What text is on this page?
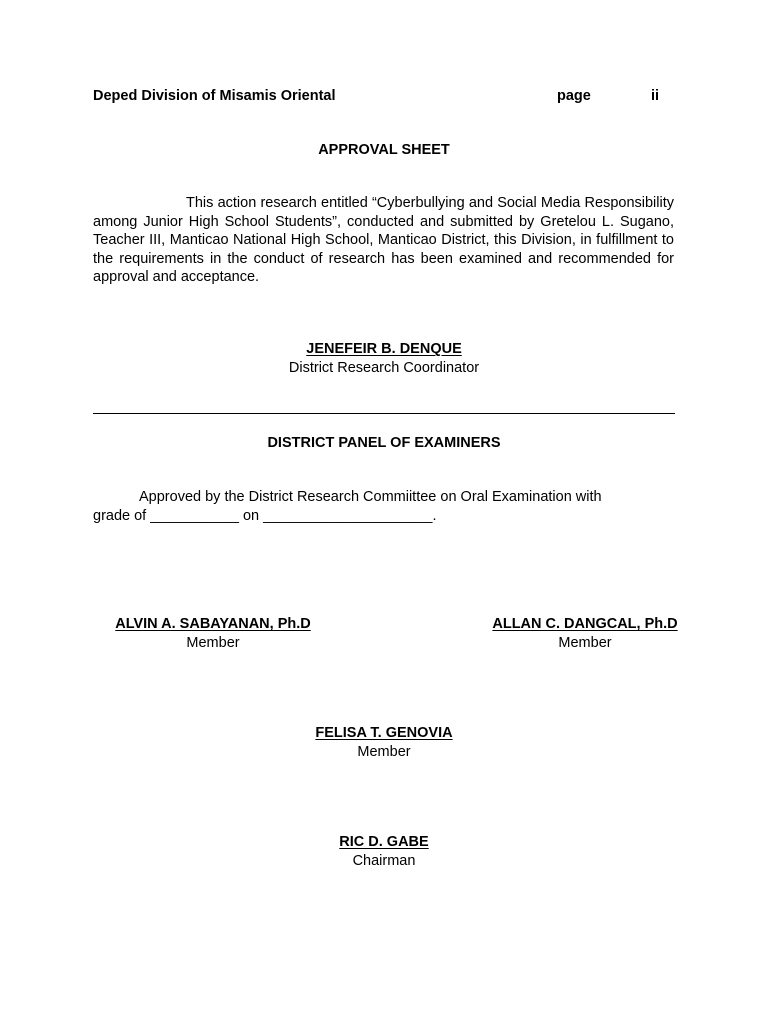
Deped Division of Misamis Oriental	page	ii
APPROVAL SHEET
This action research entitled “Cyberbullying and Social Media Responsibility among Junior High School Students”, conducted and submitted by Gretelou L. Sugano, Teacher III, Manticao National High School, Manticao District, this Division, in fulfillment to the requirements in the conduct of research has been examined and recommended for approval and acceptance.
JENEFEIR B. DENQUE
District Research Coordinator
DISTRICT PANEL OF EXAMINERS
Approved by the District Research Commiittee on Oral Examination with
grade of ___________ on _____________________.
ALVIN A. SABAYANAN, Ph.D
Member
ALLAN C. DANGCAL, Ph.D
Member
FELISA T. GENOVIA
Member
RIC D. GABE
Chairman
